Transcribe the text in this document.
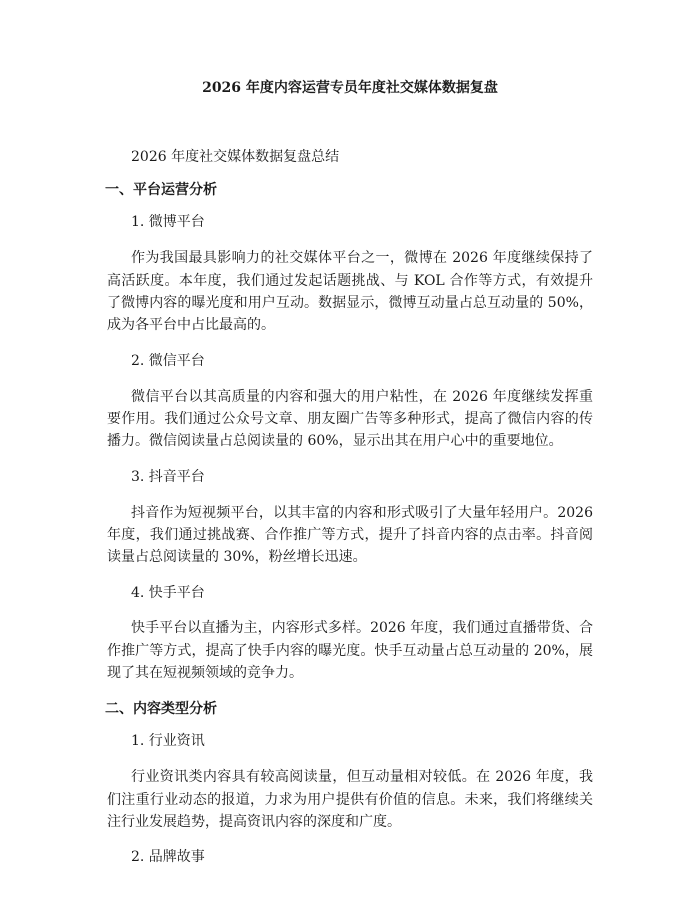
2026 年度内容运营专员年度社交媒体数据复盘

2026 年度社交媒体数据复盘总结

一、平台运营分析

1. 微博平台

作为我国最具影响力的社交媒体平台之一，微博在 2026 年度继续保持了高活跃度。本年度，我们通过发起话题挑战、与 KOL 合作等方式，有效提升了微博内容的曝光度和用户互动。数据显示，微博互动量占总互动量的 50%，成为各平台中占比最高的。

2. 微信平台

微信平台以其高质量的内容和强大的用户粘性，在 2026 年度继续发挥重要作用。我们通过公众号文章、朋友圈广告等多种形式，提高了微信内容的传播力。微信阅读量占总阅读量的 60%，显示出其在用户心中的重要地位。

3. 抖音平台

抖音作为短视频平台，以其丰富的内容和形式吸引了大量年轻用户。2026 年度，我们通过挑战赛、合作推广等方式，提升了抖音内容的点击率。抖音阅读量占总阅读量的 30%，粉丝增长迅速。

4. 快手平台

快手平台以直播为主，内容形式多样。2026 年度，我们通过直播带货、合作推广等方式，提高了快手内容的曝光度。快手互动量占总互动量的 20%，展现了其在短视频领域的竞争力。

二、内容类型分析

1. 行业资讯

行业资讯类内容具有较高阅读量，但互动量相对较低。在 2026 年度，我们注重行业动态的报道，力求为用户提供有价值的信息。未来，我们将继续关注行业发展趋势，提高资讯内容的深度和广度。

2. 品牌故事
